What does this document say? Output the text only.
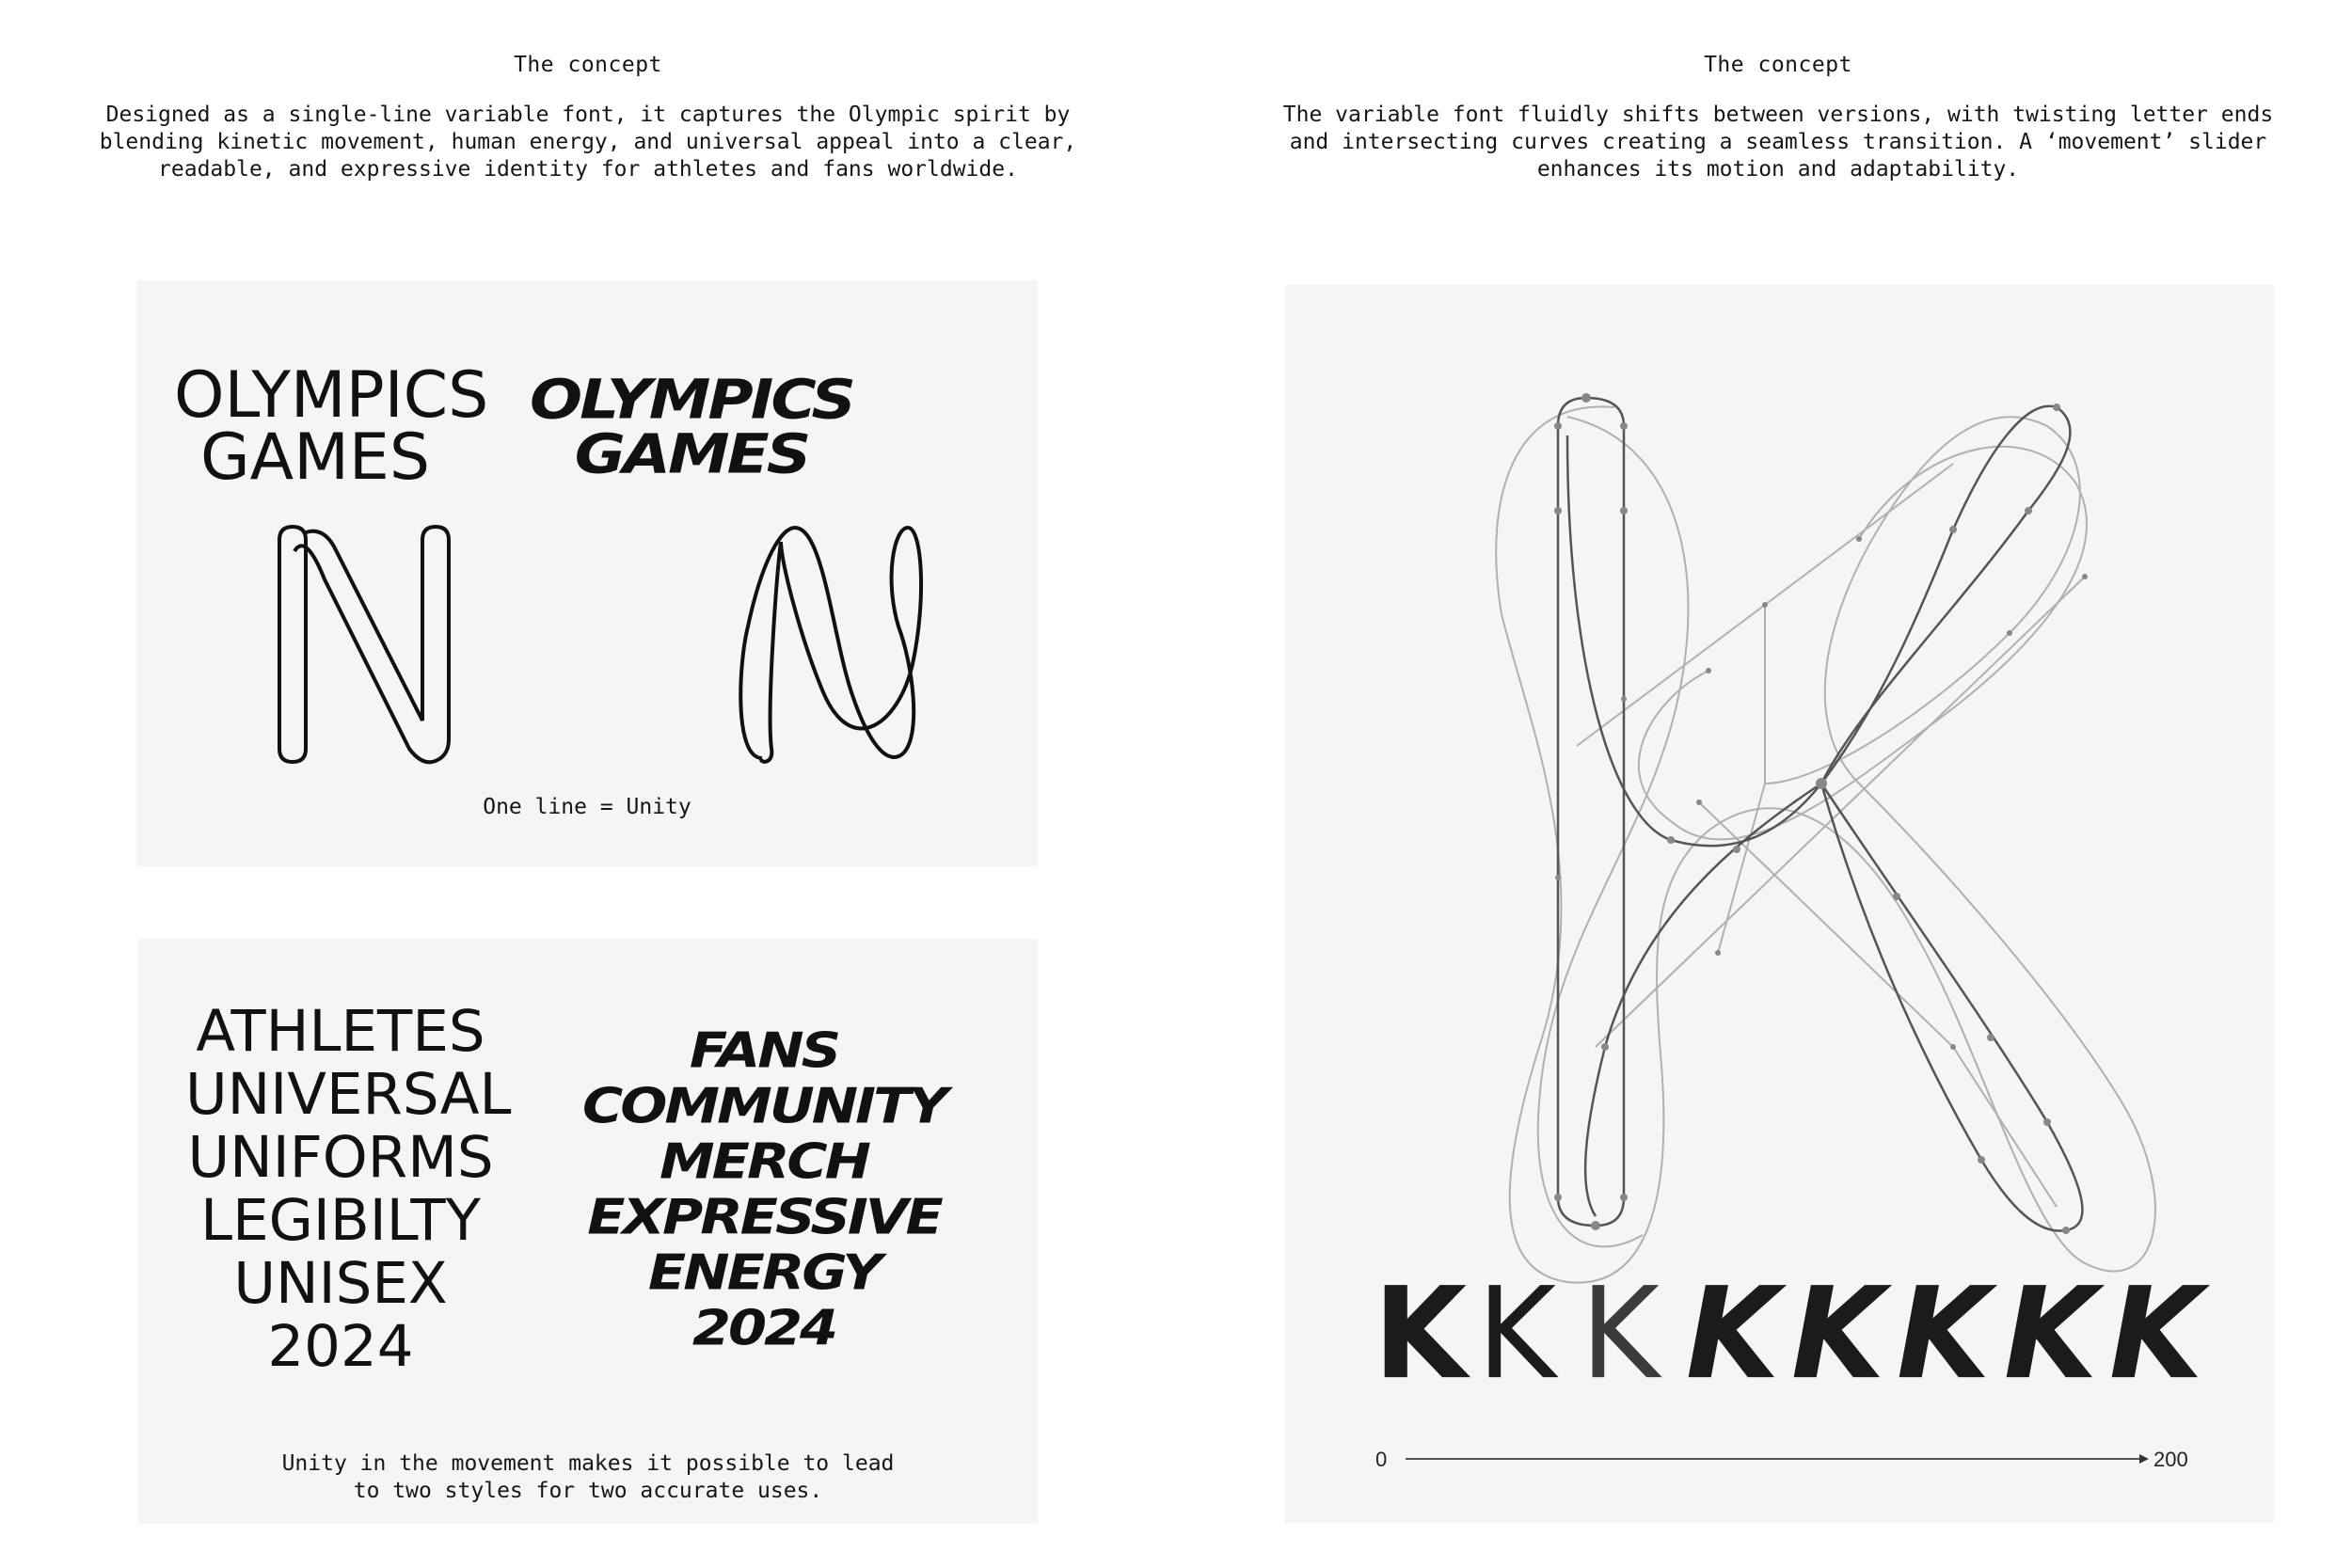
The concept
Designed as a single-line variable font, it captures the Olympic spirit by
blending kinetic movement, human energy, and universal appeal into a clear,
readable, and expressive identity for athletes and fans worldwide.
OLYMPICS
GAMES
OLYMPICS
GAMES
One line = Unity
ATHLETES
UNIVERSAL
UNIFORMS
LEGIBILTY
UNISEX
2024
FANS
COMMUNITY
MERCH
EXPRESSIVE
ENERGY
2024
Unity in the movement makes it possible to lead
to two styles for two accurate uses.
The concept
The variable font fluidly shifts between versions, with twisting letter ends
and intersecting curves creating a seamless transition. A ‘movement’ slider
enhances its motion and adaptability.
K K K K K K K K
0	200
